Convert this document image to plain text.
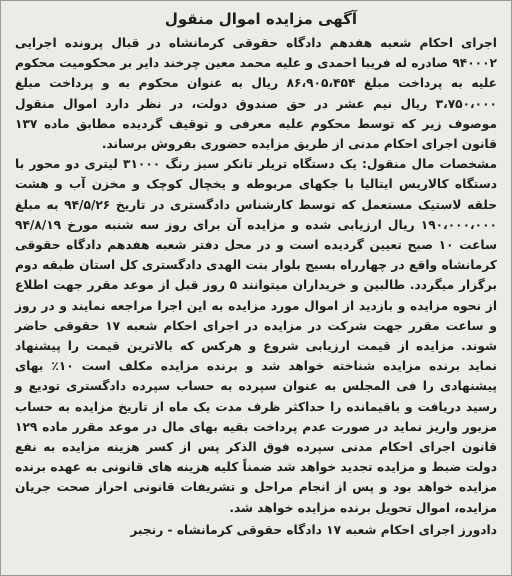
آگهی مزایده اموال منقول

اجرای احکام شعبه هفدهم دادگاه حقوقی کرمانشاه در قبال پرونده اجرایی ۹۴۰۰۰۲ صادره له فریبا احمدی و علیه محمد معین چرخند دایر بر محکومیت محکوم علیه به پرداخت مبلغ ۸۶،۹۰۵،۴۵۴ ریال به عنوان محکوم به و پرداخت مبلغ ۳،۷۵۰،۰۰۰ ریال نیم عشر در حق صندوق دولت، در نظر دارد اموال منقول موصوف زیر که توسط محکوم علیه معرفی و توقیف گردیده مطابق ماده ۱۳۷ قانون اجرای احکام مدنی از طریق مزایده حضوری بفروش برساند.

مشخصات مال منقول: یک دستگاه تریلر تانکر سبز رنگ ۳۱۰۰۰ لیتری دو محور با دستگاه کالاریس ایتالیا با جکهای مربوطه و یخچال کوچک و مخزن آب و هشت حلقه لاستیک مستعمل که توسط کارشناس دادگستری در تاریخ ۹۴/۵/۲۶ به مبلغ ۱۹۰،۰۰۰،۰۰۰ ریال ارزیابی شده و مزایده آن برای روز سه شنبه مورخ ۹۴/۸/۱۹ ساعت ۱۰ صبح تعیین گردیده است و در محل دفتر شعبه هفدهم دادگاه حقوقی کرمانشاه واقع در چهارراه بسیج بلوار بنت الهدی دادگستری کل استان طبقه دوم برگزار میگردد. طالبین و خریداران میتوانند ۵ روز قبل از موعد مقرر جهت اطلاع از نحوه مزایده و بازدید از اموال مورد مزایده به این اجرا مراجعه نمایند و در روز و ساعت مقرر جهت شرکت در مزایده در اجرای احکام شعبه ۱۷ حقوقی حاضر شوند. مزایده از قیمت ارزیابی شروع و هرکس که بالاترین قیمت را پیشنهاد نماید برنده مزایده شناخته خواهد شد و برنده مزایده مکلف است ۱۰٪ بهای پیشنهادی را فی المجلس به عنوان سپرده به حساب سپرده دادگستری تودیع و رسید دریافت و باقیمانده را حداکثر ظرف مدت یک ماه از تاریخ مزایده به حساب مزبور واریز نماید در صورت عدم پرداخت بقیه بهای مال در موعد مقرر ماده ۱۲۹ قانون اجرای احکام مدنی سپرده فوق الذکر پس از کسر هزینه مزایده به نفع دولت ضبط و مزایده تجدید خواهد شد ضمناً کلیه هزینه های قانونی به عهده برنده مزایده خواهد بود و پس از انجام مراحل و تشریفات قانونی احراز صحت جریان مزایده، اموال تحویل برنده مزایده خواهد شد.

دادورز اجرای احکام شعبه ۱۷ دادگاه حقوقی کرمانشاه - رنجبر
